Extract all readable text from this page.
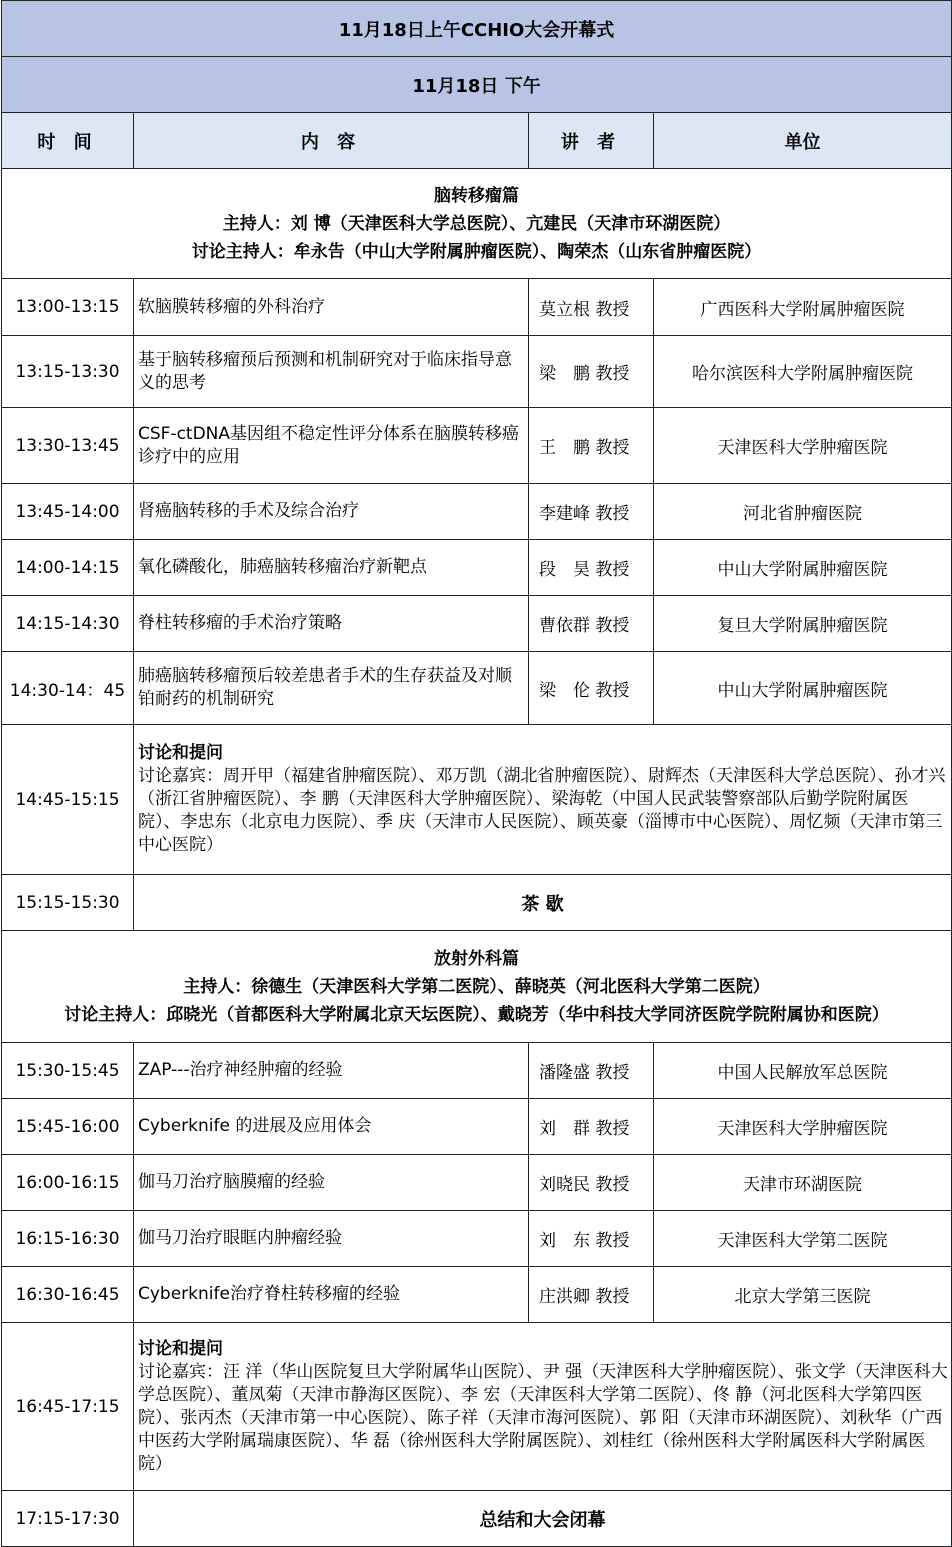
11月18日上午CCHIO大会开幕式			
11月18日 下午			
时 间	内 容	讲 者	单位

脑转移瘤篇
主持人：刘 博（天津医科大学总医院）、亢建民（天津市环湖医院）
讨论主持人：牟永告（中山大学附属肿瘤医院）、陶荣杰（山东省肿瘤医院）			

13:00-13:15	软脑膜转移瘤的外科治疗	莫立根 教授	广西医科大学附属肿瘤医院
13:15-13:30	基于脑转移瘤预后预测和机制研究对于临床指导意义的思考	梁　鹏 教授	哈尔滨医科大学附属肿瘤医院
13:30-13:45	CSF-ctDNA基因组不稳定性评分体系在脑膜转移癌诊疗中的应用	王　鹏 教授	天津医科大学肿瘤医院
13:45-14:00	肾癌脑转移的手术及综合治疗	李建峰 教授	河北省肿瘤医院
14:00-14:15	氧化磷酸化，肺癌脑转移瘤治疗新靶点	段　昊 教授	中山大学附属肿瘤医院
14:15-14:30	脊柱转移瘤的手术治疗策略	曹依群 教授	复旦大学附属肿瘤医院
14:30-14：45	肺癌脑转移瘤预后较差患者手术的生存获益及对顺铂耐药的机制研究	梁　伦 教授	中山大学附属肿瘤医院
14:45-15:15	讨论和提问
讨论嘉宾：周开甲（福建省肿瘤医院）、邓万凯（湖北省肿瘤医院）、尉辉杰（天津医科大学总医院）、孙才兴（浙江省肿瘤医院）、李 鹏（天津医科大学肿瘤医院）、梁海乾（中国人民武装警察部队后勤学院附属医院）、李忠东（北京电力医院）、季 庆（天津市人民医院）、顾英豪（淄博市中心医院）、周忆频（天津市第三中心医院）		

15:15-15:30	茶 歇		

放射外科篇
主持人：徐德生（天津医科大学第二医院）、薛晓英（河北医科大学第二医院）
讨论主持人：邱晓光（首都医科大学附属北京天坛医院）、戴晓芳（华中科技大学同济医院学院附属协和医院）			

15:30-15:45	ZAP---治疗神经肿瘤的经验	潘隆盛 教授	中国人民解放军总医院
15:45-16:00	Cyberknife 的进展及应用体会	刘　群 教授	天津医科大学肿瘤医院
16:00-16:15	伽马刀治疗脑膜瘤的经验	刘晓民 教授	天津市环湖医院
16:15-16:30	伽马刀治疗眼眶内肿瘤经验	刘　东 教授	天津医科大学第二医院
16:30-16:45	Cyberknife治疗脊柱转移瘤的经验	庄洪卿 教授	北京大学第三医院
16:45-17:15	讨论和提问
讨论嘉宾：汪 洋（华山医院复旦大学附属华山医院）、尹 强（天津医科大学肿瘤医院）、张文学（天津医科大学总医院）、董凤菊（天津市静海区医院）、李 宏（天津医科大学第二医院）、佟 静（河北医科大学第四医院）、张丙杰（天津市第一中心医院）、陈子祥（天津市海河医院）、郭 阳（天津市环湖医院）、刘秋华（广西中医药大学附属瑞康医院）、华 磊（徐州医科大学附属医院）、刘桂红（徐州医科大学附属医科大学附属医院）		

17:15-17:30	总结和大会闭幕		
